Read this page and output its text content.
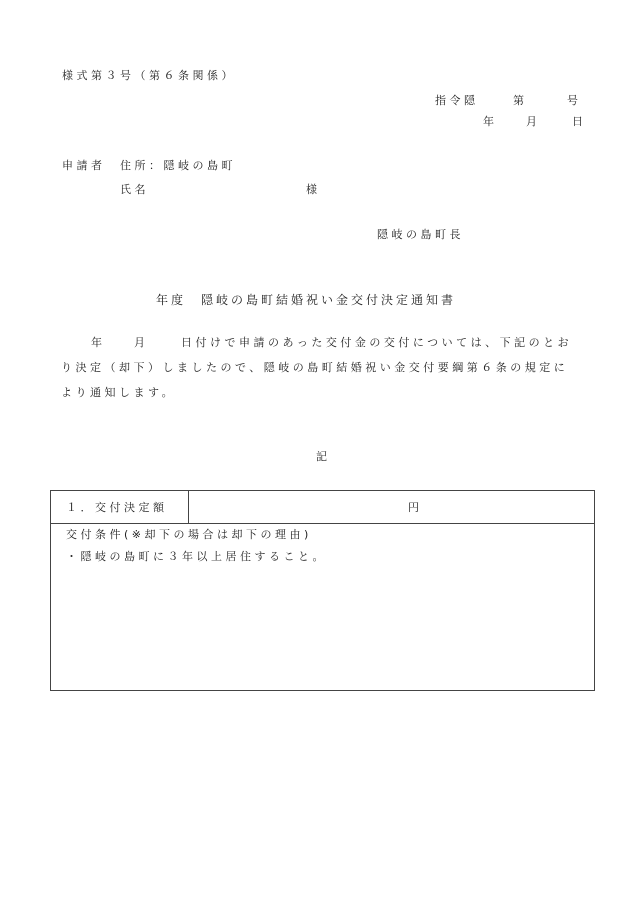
様式第３号（第６条関係）
指令隠	第	号
年	月	日
申請者 住所：隠岐の島町
氏名	様
隠岐の島町長
年度　隠岐の島町結婚祝い金交付決定通知書
年	月	日付けで申請のあった交付金の交付については、下記のとお
り決定（却下）しましたので、隠岐の島町結婚祝い金交付要綱第６条の規定に
より通知します。
記
１．交付決定額	円
交付条件(※却下の場合は却下の理由)
・隠岐の島町に３年以上居住すること。
